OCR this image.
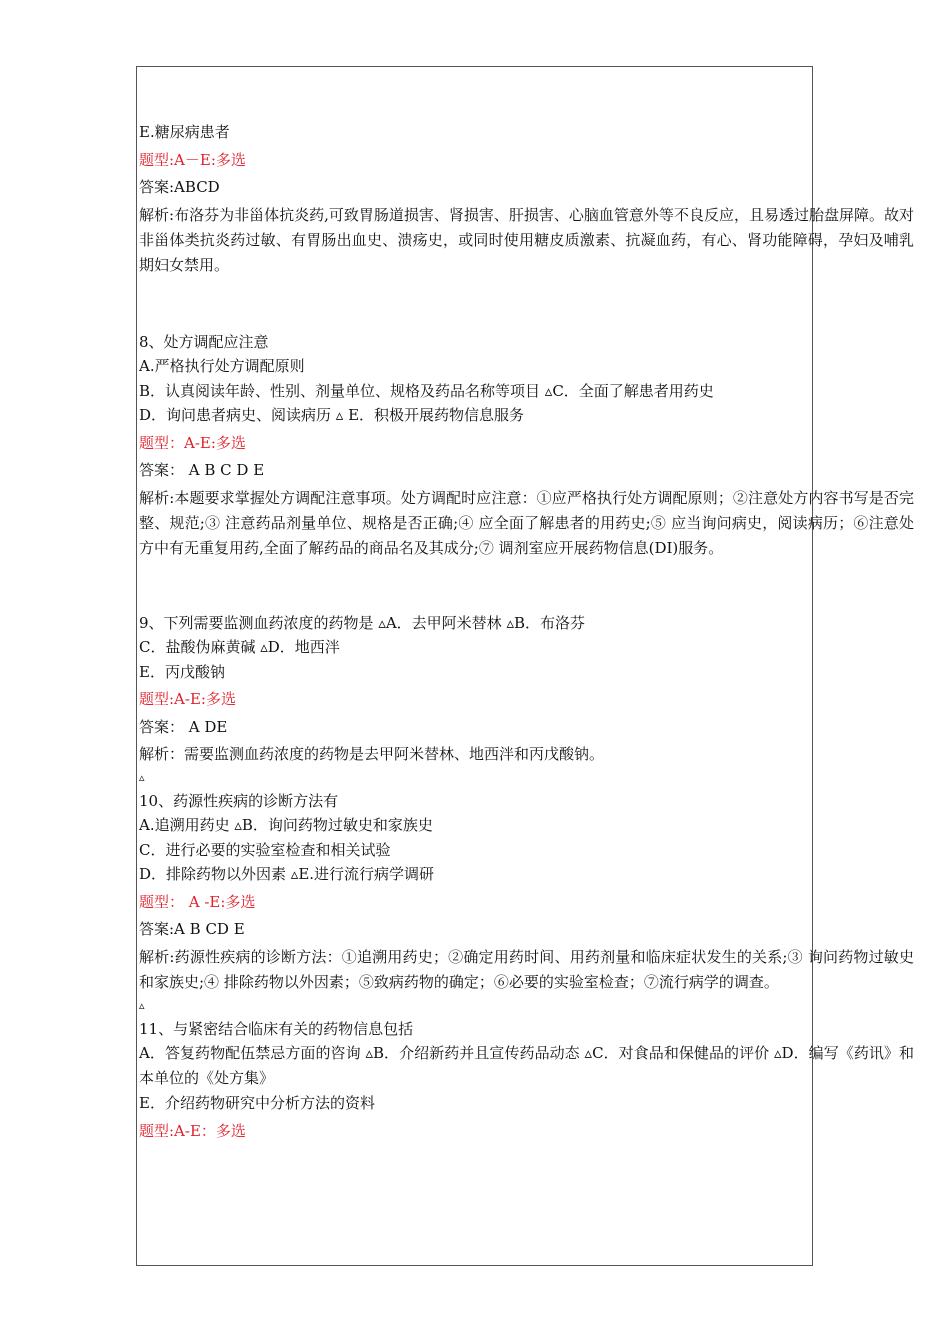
E.糖尿病患者
题型:A－E:多选
答案:ABCD
解析:布洛芬为非甾体抗炎药,可致胃肠道损害、肾损害、肝损害、心脑血管意外等不良反应，且易透过胎盘屏障。故对非甾体类抗炎药过敏、有胃肠出血史、溃疡史，或同时使用糖皮质激素、抗凝血药，有心、肾功能障碍，孕妇及哺乳期妇女禁用。
8、处方调配应注意
A.严格执行处方调配原则
B．认真阅读年龄、性别、剂量单位、规格及药品名称等项目 ▵C．全面了解患者用药史
D．询问患者病史、阅读病历 ▵ E．积极开展药物信息服务
题型：A-E:多选
答案： A B C D E
解析:本题要求掌握处方调配注意事项。处方调配时应注意：①应严格执行处方调配原则；②注意处方内容书写是否完整、规范;③ 注意药品剂量单位、规格是否正确;④ 应全面了解患者的用药史;⑤ 应当询问病史，阅读病历；⑥注意处方中有无重复用药,全面了解药品的商品名及其成分;⑦ 调剂室应开展药物信息(DI)服务。
9、下列需要监测血药浓度的药物是 ▵A．去甲阿米替林 ▵B．布洛芬
C．盐酸伪麻黄碱 ▵D．地西泮
E．丙戊酸钠
题型:A-E:多选
答案： A DE
解析：需要监测血药浓度的药物是去甲阿米替林、地西泮和丙戊酸钠。
▵
10、药源性疾病的诊断方法有
A.追溯用药史 ▵B．询问药物过敏史和家族史
C．进行必要的实验室检查和相关试验
D．排除药物以外因素 ▵E.进行流行病学调研
题型： A -E:多选
答案:A B CD E
解析:药源性疾病的诊断方法：①追溯用药史；②确定用药时间、用药剂量和临床症状发生的关系;③ 询问药物过敏史和家族史;④ 排除药物以外因素；⑤致病药物的确定；⑥必要的实验室检查；⑦流行病学的调查。
▵
11、与紧密结合临床有关的药物信息包括
A．答复药物配伍禁忌方面的咨询 ▵B．介绍新药并且宣传药品动态 ▵C．对食品和保健品的评价 ▵D．编写《药讯》和本单位的《处方集》
E．介绍药物研究中分析方法的资料
题型:A-E：多选
